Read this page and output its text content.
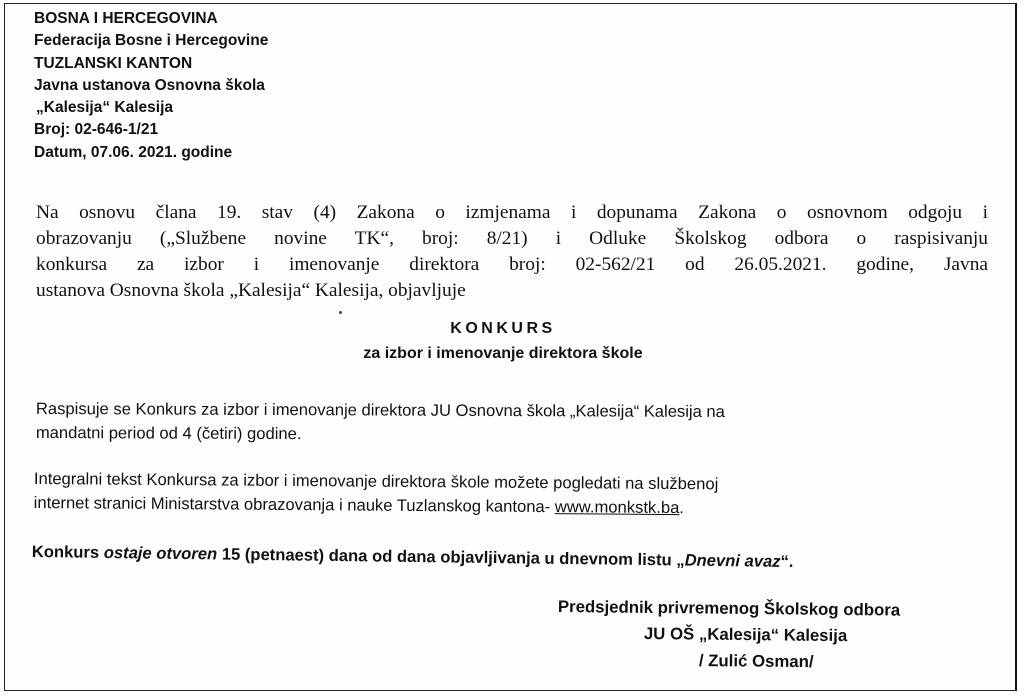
BOSNA I HERCEGOVINA
Federacija Bosne i Hercegovine
TUZLANSKI KANTON
Javna ustanova Osnovna škola
„Kalesija“ Kalesija
Broj: 02-646-1/21
Datum, 07.06. 2021. godine
Na osnovu člana 19. stav (4) Zakona o izmjenama i dopunama Zakona o osnovnom odgoju i
obrazovanju („Službene novine TK“, broj: 8/21) i Odluke Školskog odbora o raspisivanju
konkursa za izbor i imenovanje direktora broj: 02-562/21 od 26.05.2021. godine, Javna
ustanova Osnovna škola „Kalesija“ Kalesija, objavljuje
KONKURS
za izbor i imenovanje direktora škole
Raspisuje se Konkurs za izbor i imenovanje direktora JU Osnovna škola „Kalesija“ Kalesija na
mandatni period od 4 (četiri) godine.
Integralni tekst Konkursa za izbor i imenovanje direktora škole možete pogledati na službenoj
internet stranici Ministarstva obrazovanja i nauke Tuzlanskog kantona- www.monkstk.ba.
Konkurs ostaje otvoren 15 (petnaest) dana od dana objavljivanja u dnevnom listu „Dnevni avaz“.
Predsjednik privremenog Školskog odbora
JU OŠ „Kalesija“ Kalesija
/ Zulić Osman/
